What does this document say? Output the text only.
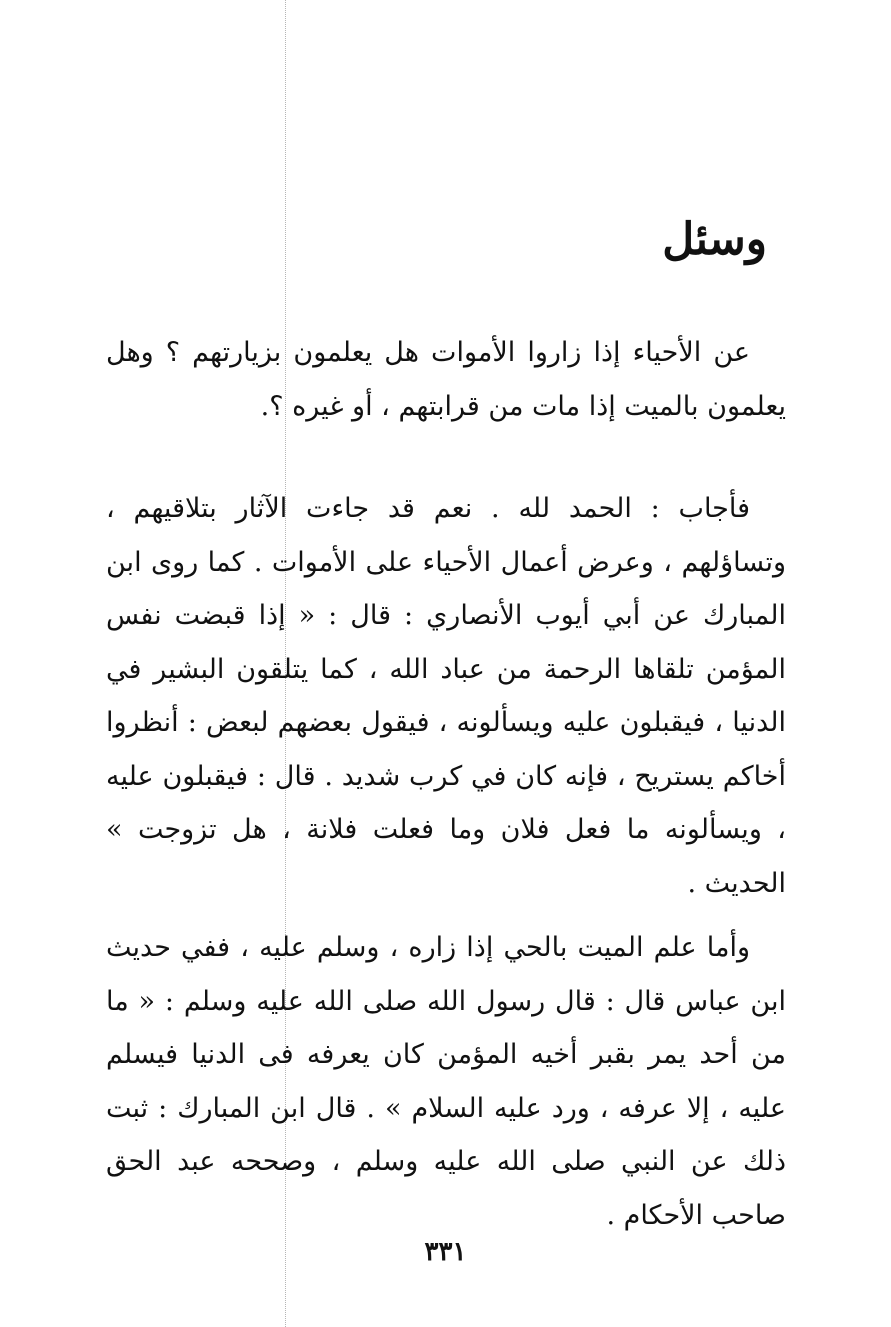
وسئل

عن الأحياء إذا زاروا الأموات هل يعلمون بزيارتهم ؟ وهل يعلمون بالميت إذا مات من قرابتهم ، أو غيره ؟.

فأجاب : الحمد لله . نعم قد جاءت الآثار بتلاقيهم ، وتساؤلهم ، وعرض أعمال الأحياء على الأموات . كما روى ابن المبارك عن أبي أيوب الأنصاري : قال : « إذا قبضت نفس المؤمن تلقاها الرحمة من عباد الله ، كما يتلقون البشير في الدنيا ، فيقبلون عليه ويسألونه ، فيقول بعضهم لبعض : أنظروا أخاكم يستريح ، فإنه كان في كرب شديد . قال : فيقبلون عليه ، ويسألونه ما فعل فلان وما فعلت فلانة ، هل تزوجت » الحديث .

وأما علم الميت بالحي إذا زاره ، وسلم عليه ، ففي حديث ابن عباس قال : قال رسول الله صلى الله عليه وسلم : « ما من أحد يمر بقبر أخيه المؤمن كان يعرفه فى الدنيا فيسلم عليه ، إلا عرفه ، ورد عليه السلام » . قال ابن المبارك : ثبت ذلك عن النبي صلى الله عليه وسلم ، وصححه عبد الحق صاحب الأحكام .

٣٣١
